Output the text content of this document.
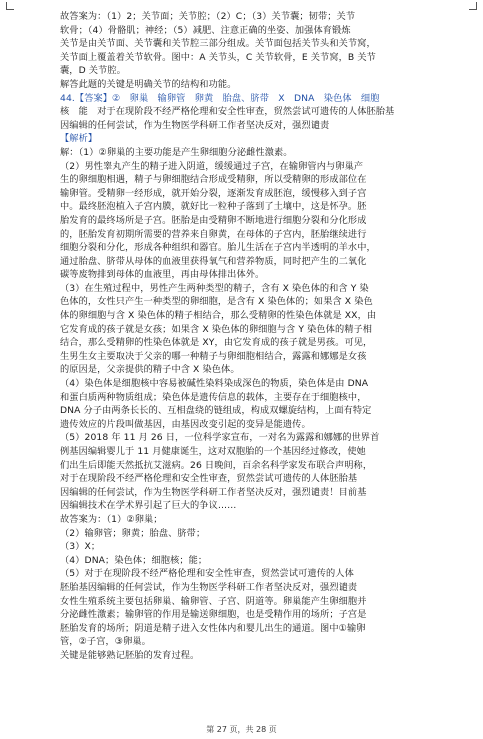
故答案为：（1）2；关节面；关节腔；（2）C；（3）关节囊；韧带；关节
软骨；（4）骨骼肌；神经；（5）减肥、注意正确的坐姿、加强体育锻炼
关节是由关节面、关节囊和关节腔三部分组成。关节面包括关节头和关节窝，
关节面上覆盖着关节软骨。图中：A 关节头，C 关节软骨，E 关节窝，B 关节
囊，D 关节腔。
解答此题的关键是明确关节的结构和功能。
44.【答案】②　卵巢　输卵管　卵黄　胎盘、脐带　X　DNA　染色体　细胞
核　能　对于在现阶段不经严格伦理和安全性审查，贸然尝试可遗传的人体胚胎基
因编辑的任何尝试，作为生物医学科研工作者坚决反对，强烈谴责
【解析】
解：（1）②卵巢的主要功能是产生卵细胞分泌雌性激素。
（2）男性睾丸产生的精子进入阴道，缓缓通过子宫，在输卵管内与卵巢产
生的卵细胞相遇，精子与卵细胞结合形成受精卵，所以受精卵的形成部位在
输卵管。受精卵一经形成，就开始分裂，逐渐发育成胚泡，缓慢移入到子宫
中。最终胚泡植入子宫内膜，就好比一粒种子落到了土壤中，这是怀孕。胚
胎发育的最终场所是子宫。胚胎是由受精卵不断地进行细胞分裂和分化形成
的，胚胎发育初期所需要的营养来自卵黄，在母体的子宫内，胚胎继续进行
细胞分裂和分化，形成各种组织和器官。胎儿生活在子宫内半透明的羊水中，
通过胎盘、脐带从母体的血液里获得氧气和营养物质，同时把产生的二氧化
碳等废物排到母体的血液里，再由母体排出体外。
（3）在生殖过程中，男性产生两种类型的精子，含有 X 染色体的和含 Y 染
色体的，女性只产生一种类型的卵细胞，是含有 X 染色体的；如果含 X 染色
体的卵细胞与含 X 染色体的精子相结合，那么受精卵的性染色体就是 XX，由
它发育成的孩子就是女孩；如果含 X 染色体的卵细胞与含 Y 染色体的精子相
结合，那么受精卵的性染色体就是 XY，由它发育成的孩子就是男孩。可见，
生男生女主要取决于父亲的哪一种精子与卵细胞相结合，露露和娜娜是女孩
的原因是，父亲提供的精子中含 X 染色体。
（4）染色体是细胞核中容易被碱性染料染成深色的物质，染色体是由 DNA
和蛋白质两种物质组成；染色体是遗传信息的载体，主要存在于细胞核中，
DNA 分子由两条长长的、互相盘绕的链组成，构成双螺旋结构，上面有特定
遗传效应的片段叫做基因，由基因改变引起的变异是能遗传。
（5）2018 年 11 月 26 日，一位科学家宣布，一对名为露露和娜娜的世界首
例基因编辑婴儿于 11 月健康诞生，这对双胞胎的一个基因经过修改，使她
们出生后即能天然抵抗艾滋病。26 日晚间，百余名科学家发布联合声明称，
对于在现阶段不经严格伦理和安全性审查，贸然尝试可遗传的人体胚胎基
因编辑的任何尝试，作为生物医学科研工作者坚决反对，强烈谴责！目前基
因编辑技术在学术界引起了巨大的争议……
故答案为：（1）②卵巢；
（2）输卵管；卵黄；胎盘、脐带；
（3）X；
（4）DNA；染色体；细胞核；能；
（5）对于在现阶段不经严格伦理和安全性审查，贸然尝试可遗传的人体
胚胎基因编辑的任何尝试，作为生物医学科研工作者坚决反对，强烈谴责
女性生殖系统主要包括卵巢、输卵管、子宫、阴道等。卵巢能产生卵细胞并
分泌雌性激素；输卵管的作用是输送卵细胞，也是受精作用的场所；子宫是
胚胎发育的场所；阴道是精子进入女性体内和婴儿出生的通道。图中①输卵
管，②子宫，③卵巢。
关键是能够熟记胚胎的发育过程。
第 27 页，共 28 页
